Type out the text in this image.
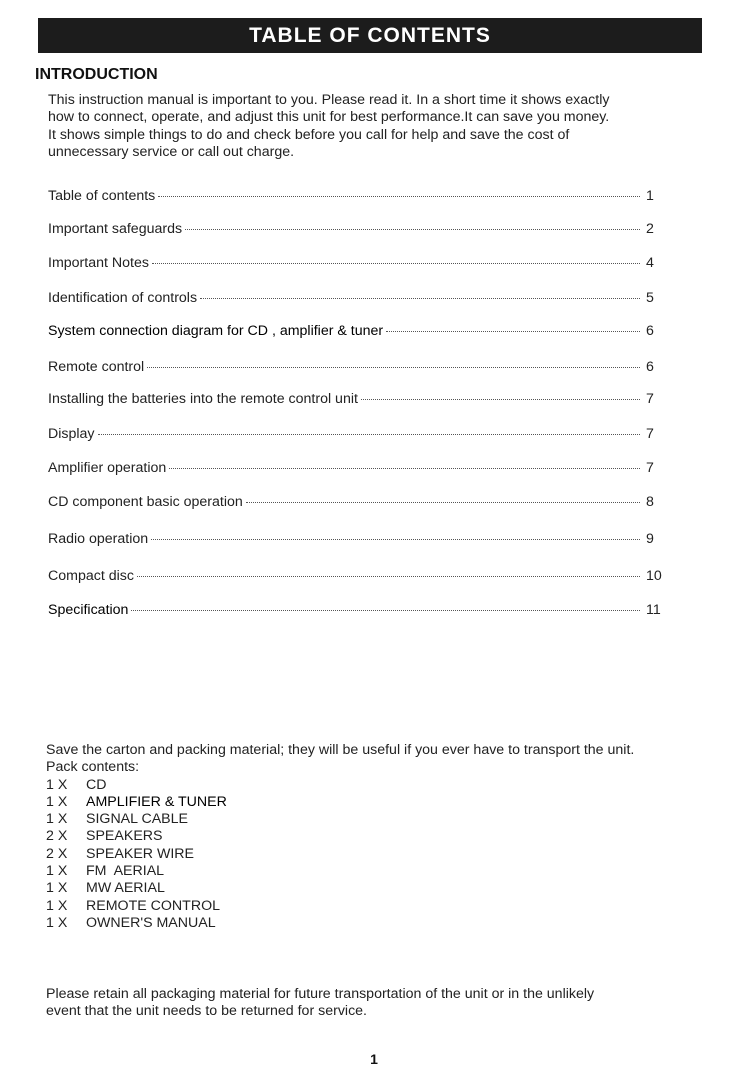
TABLE OF CONTENTS
INTRODUCTION
This instruction manual is important to you. Please read it. In a short time it shows exactly
how to connect, operate, and adjust this unit for best performance.It can save you money.
It shows simple things to do and check before you call for help and save the cost of
unnecessary service or call out charge.
Table of contents	1
Important safeguards	2
Important Notes	4
Identification of controls	5
System connection diagram for CD , amplifier & tuner	6
Remote control	6
Installing the batteries into the remote control unit	7
Display	7
Amplifier operation	7
CD component basic operation	8
Radio operation	9
Compact disc	10
Specification	11
Save the carton and packing material; they will be useful if you ever have to transport the unit.
Pack contents:
1 X	CD
1 X	AMPLIFIER & TUNER
1 X	SIGNAL CABLE
2 X	SPEAKERS
2 X	SPEAKER WIRE
1 X	FM  AERIAL
1 X	MW AERIAL
1 X	REMOTE CONTROL
1 X	OWNER'S MANUAL
Please retain all packaging material for future transportation of the unit or in the unlikely
event that the unit needs to be returned for service.
1
